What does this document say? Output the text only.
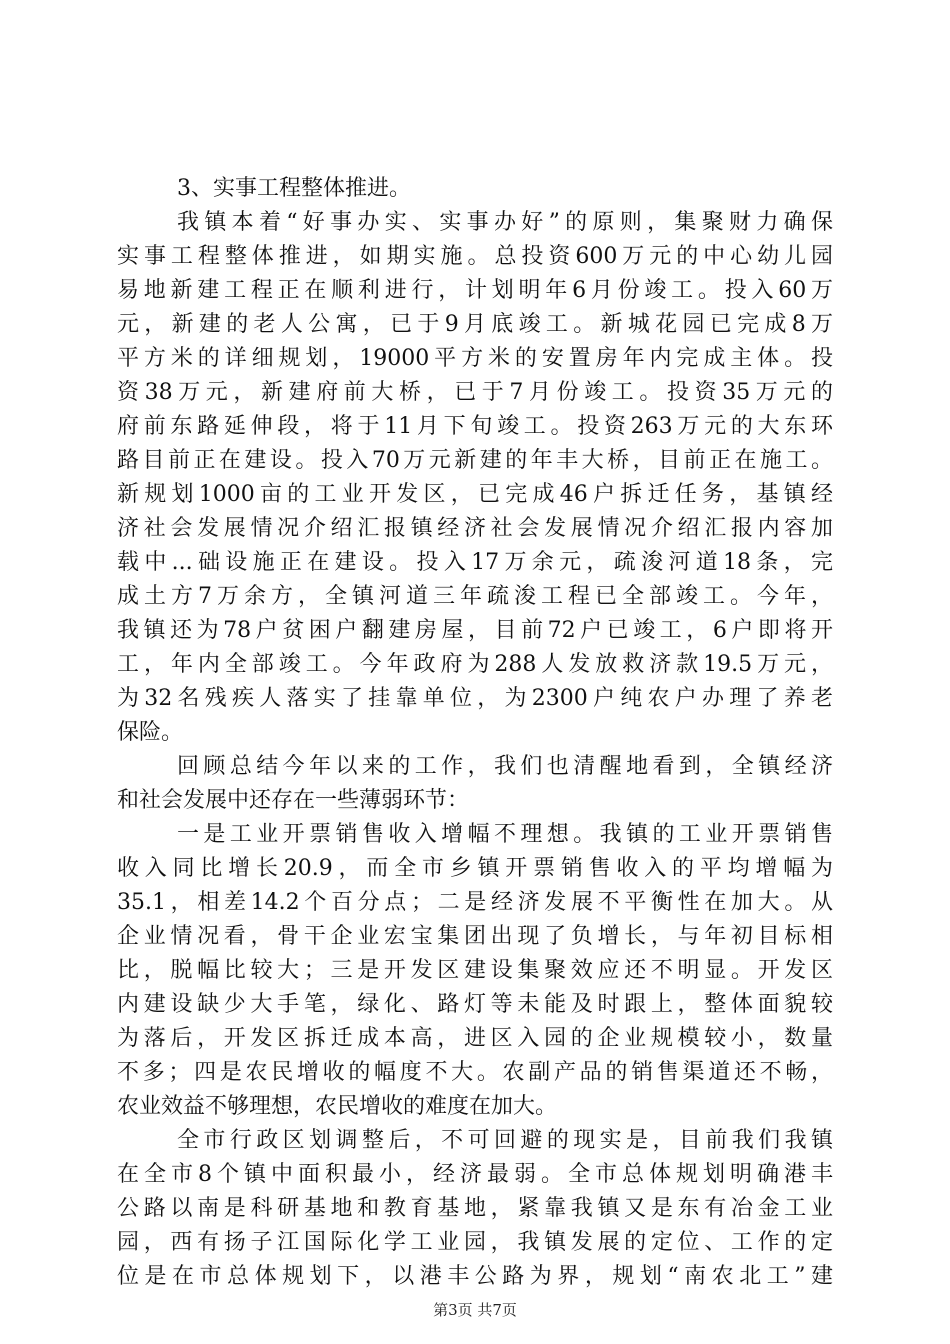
3、实事工程整体推进。
我镇本着“好事办实、实事办好”的原则，集聚财力确保
实事工程整体推进，如期实施。总投资600万元的中心幼儿园
易地新建工程正在顺利进行，计划明年6月份竣工。投入60万
元，新建的老人公寓，已于9月底竣工。新城花园已完成8万
平方米的详细规划，19000平方米的安置房年内完成主体。投
资38万元，新建府前大桥，已于7月份竣工。投资35万元的
府前东路延伸段，将于11月下旬竣工。投资263万元的大东环
路目前正在建设。投入70万元新建的年丰大桥，目前正在施工。
新规划1000亩的工业开发区，已完成46户拆迁任务，基镇经
济社会发展情况介绍汇报镇经济社会发展情况介绍汇报内容加
载中...础设施正在建设。投入17万余元，疏浚河道18条，完
成土方7万余方，全镇河道三年疏浚工程已全部竣工。今年，
我镇还为78户贫困户翻建房屋，目前72户已竣工，6户即将开
工，年内全部竣工。今年政府为288人发放救济款19.5万元，
为32名残疾人落实了挂靠单位，为2300户纯农户办理了养老
保险。
回顾总结今年以来的工作，我们也清醒地看到，全镇经济
和社会发展中还存在一些薄弱环节：
一是工业开票销售收入增幅不理想。我镇的工业开票销售
收入同比增长20.9，而全市乡镇开票销售收入的平均增幅为
35.1，相差14.2个百分点；二是经济发展不平衡性在加大。从
企业情况看，骨干企业宏宝集团出现了负增长，与年初目标相
比，脱幅比较大；三是开发区建设集聚效应还不明显。开发区
内建设缺少大手笔，绿化、路灯等未能及时跟上，整体面貌较
为落后，开发区拆迁成本高，进区入园的企业规模较小，数量
不多；四是农民增收的幅度不大。农副产品的销售渠道还不畅，
农业效益不够理想，农民增收的难度在加大。
全市行政区划调整后，不可回避的现实是，目前我们我镇
在全市8个镇中面积最小，经济最弱。全市总体规划明确港丰
公路以南是科研基地和教育基地，紧靠我镇又是东有冶金工业
园，西有扬子江国际化学工业园，我镇发展的定位、工作的定
位是在市总体规划下，以港丰公路为界，规划“南农北工”建
第3页 共7页
